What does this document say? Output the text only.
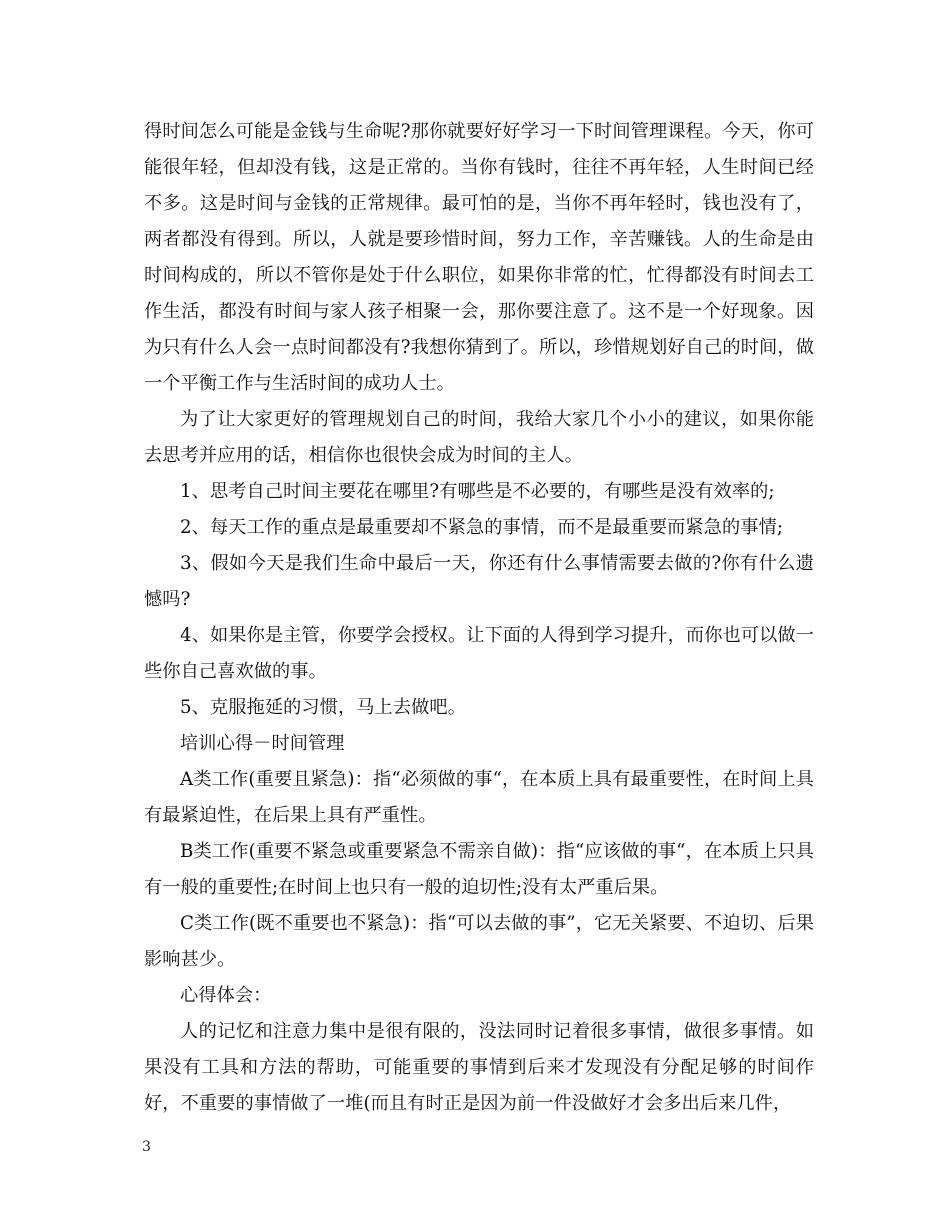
得时间怎么可能是金钱与生命呢?那你就要好好学习一下时间管理课程。今天，你可能很年轻，但却没有钱，这是正常的。当你有钱时，往往不再年轻，人生时间已经不多。这是时间与金钱的正常规律。最可怕的是，当你不再年轻时，钱也没有了，两者都没有得到。所以，人就是要珍惜时间，努力工作，辛苦赚钱。人的生命是由时间构成的，所以不管你是处于什么职位，如果你非常的忙，忙得都没有时间去工作生活，都没有时间与家人孩子相聚一会，那你要注意了。这不是一个好现象。因为只有什么人会一点时间都没有?我想你猜到了。所以，珍惜规划好自己的时间，做一个平衡工作与生活时间的成功人士。

为了让大家更好的管理规划自己的时间，我给大家几个小小的建议，如果你能去思考并应用的话，相信你也很快会成为时间的主人。

1、思考自己时间主要花在哪里?有哪些是不必要的，有哪些是没有效率的;

2、每天工作的重点是最重要却不紧急的事情，而不是最重要而紧急的事情;

3、假如今天是我们生命中最后一天，你还有什么事情需要去做的?你有什么遗憾吗?

4、如果你是主管，你要学会授权。让下面的人得到学习提升，而你也可以做一些你自己喜欢做的事。

5、克服拖延的习惯，马上去做吧。

培训心得－时间管理

A类工作(重要且紧急)：指“必须做的事“，在本质上具有最重要性，在时间上具有最紧迫性，在后果上具有严重性。

B类工作(重要不紧急或重要紧急不需亲自做)：指“应该做的事“，在本质上只具有一般的重要性;在时间上也只有一般的迫切性;没有太严重后果。

C类工作(既不重要也不紧急)：指“可以去做的事”，它无关紧要、不迫切、后果影响甚少。

心得体会：

人的记忆和注意力集中是很有限的，没法同时记着很多事情，做很多事情。如果没有工具和方法的帮助，可能重要的事情到后来才发现没有分配足够的时间作好，不重要的事情做了一堆(而且有时正是因为前一件没做好才会多出后来几件，

3
